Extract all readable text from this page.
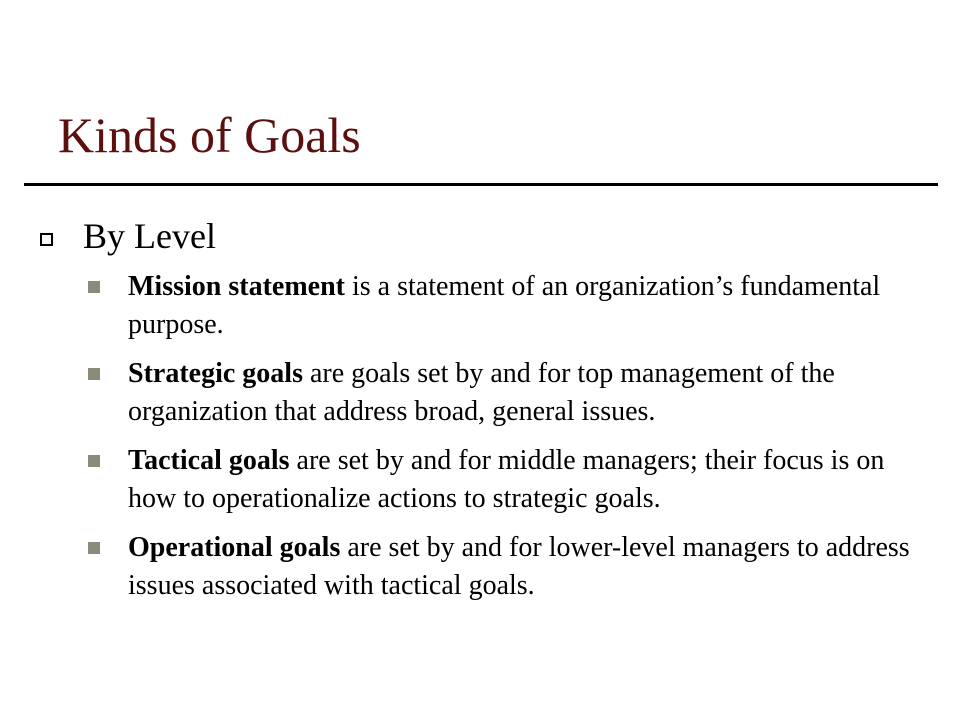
Kinds of Goals
By Level
Mission statement is a statement of an organization’s fundamental purpose.
Strategic goals are goals set by and for top management of the organization that address broad, general issues.
Tactical goals are set by and for middle managers; their focus is on how to operationalize actions to strategic goals.
Operational goals are set by and for lower-level managers to address issues associated with tactical goals.
